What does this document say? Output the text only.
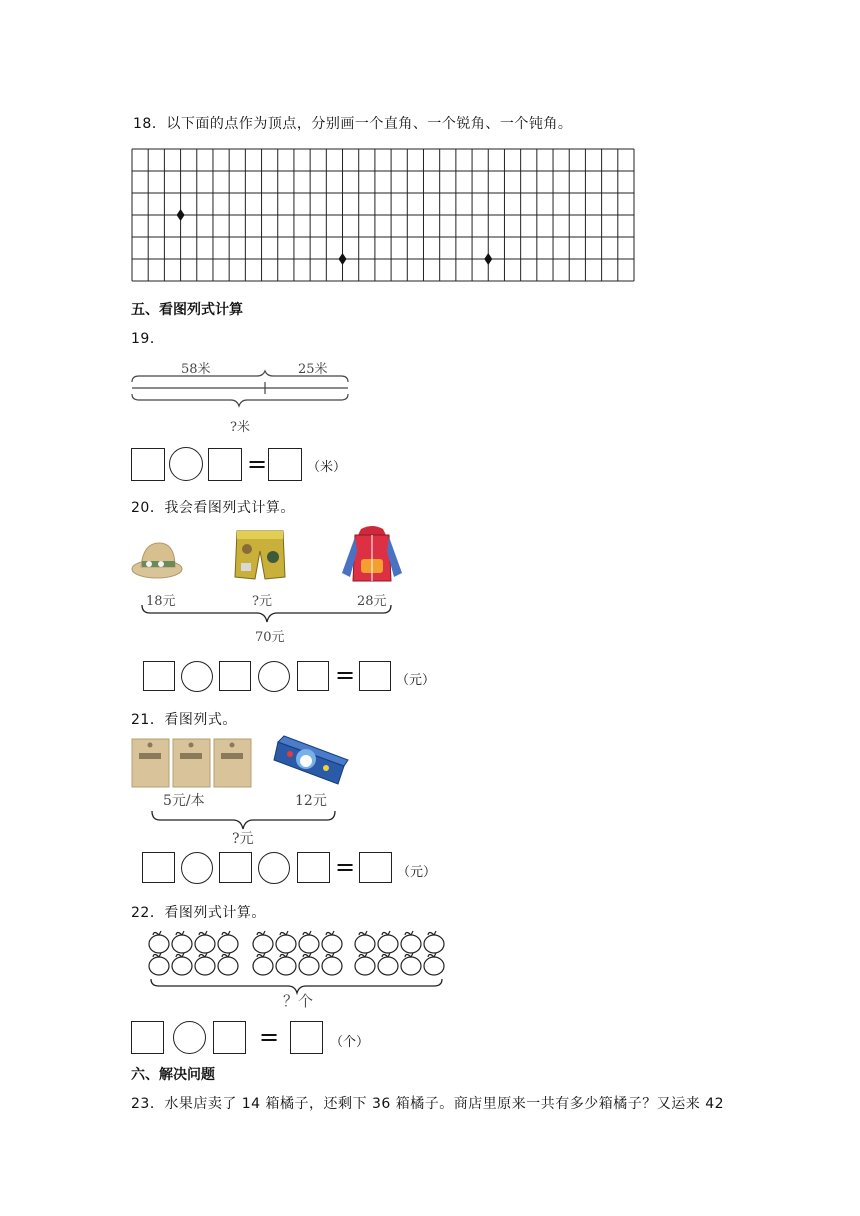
18．以下面的点作为顶点，分别画一个直角、一个锐角、一个钝角。
五、看图列式计算
19．
58米	25米
?米
=	（米）
20．我会看图列式计算。
18元	?元	28元
70元
=	（元）
21．看图列式。
5元/本	12元
?元
=	（元）
22．看图列式计算。
？个
=	（个）
六、解决问题
23．水果店卖了 14 箱橘子，还剩下 36 箱橘子。商店里原来一共有多少箱橘子？又运来 42
